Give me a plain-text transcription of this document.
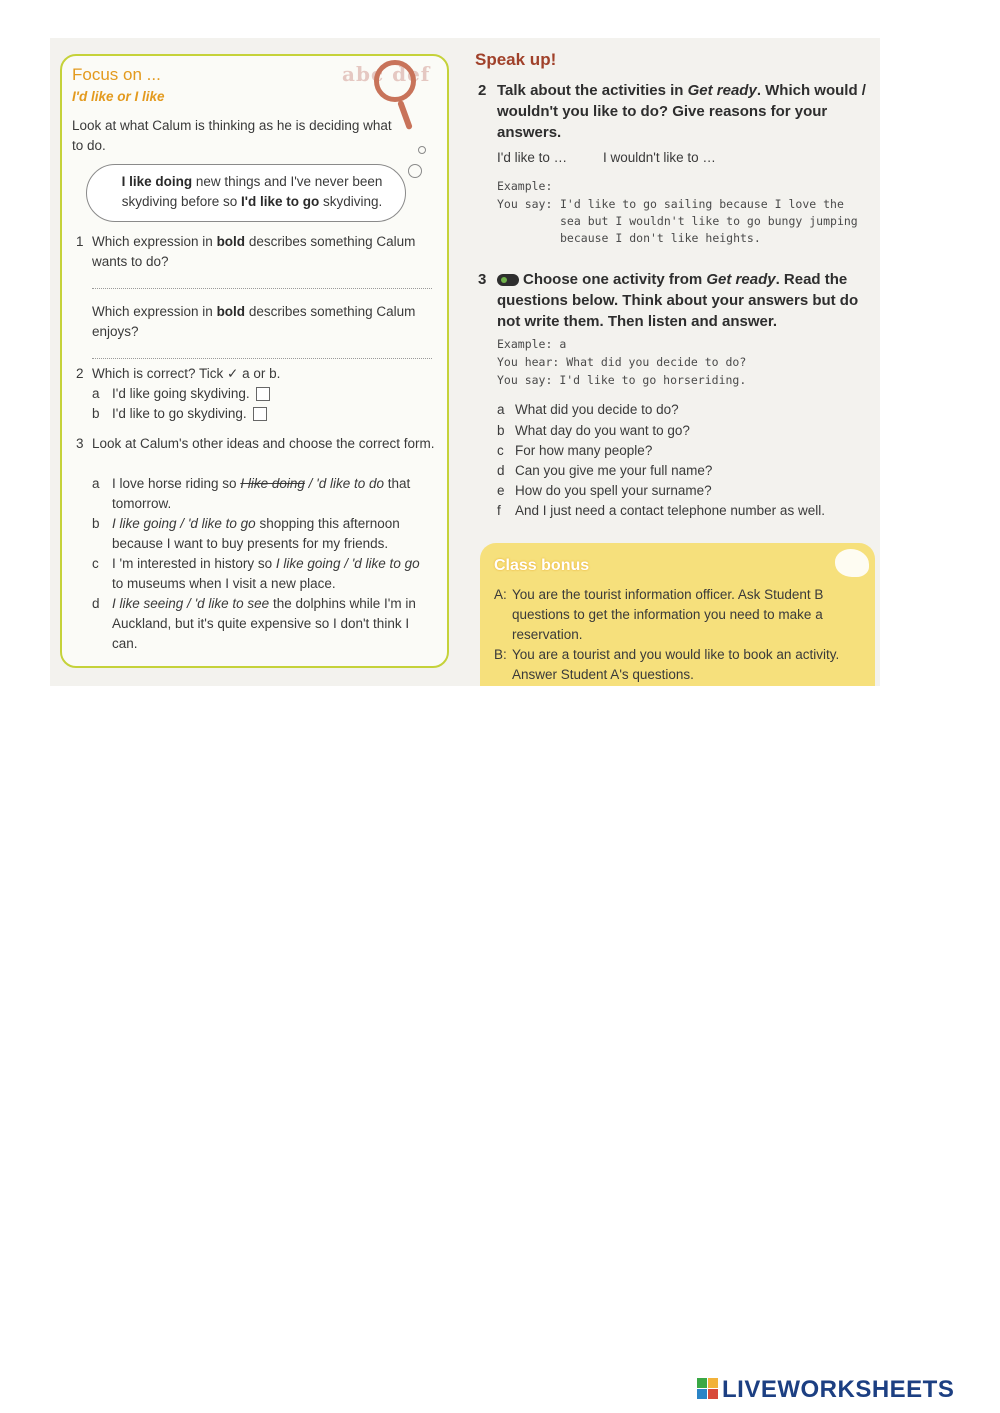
Focus on ...
I'd like or I like
abc def
Look at what Calum is thinking as he is deciding what to do.
I like doing new things and I've never been skydiving before so I'd like to go skydiving.
1 Which expression in bold describes something Calum wants to do?
Which expression in bold describes something Calum enjoys?
2 Which is correct? Tick ✓ a or b.
a I'd like going skydiving.
b I'd like to go skydiving.
3 Look at Calum's other ideas and choose the correct form.
a I love horse riding so I like doing / 'd like to do that tomorrow.
b I like going / 'd like to go shopping this afternoon because I want to buy presents for my friends.
c I 'm interested in history so I like going / 'd like to go to museums when I visit a new place.
d I like seeing / 'd like to see the dolphins while I'm in Auckland, but it's quite expensive so I don't think I can.
Speak up!
2 Talk about the activities in Get ready. Which would / wouldn't you like to do? Give reasons for your answers.
I'd like to …	I wouldn't like to …
Example:
You say: I'd like to go sailing because I love the sea but I wouldn't like to go bungy jumping because I don't like heights.
3	Choose one activity from Get ready. Read the questions below. Think about your answers but do not write them. Then listen and answer.
Example: a
You hear: What did you decide to do?
You say: I'd like to go horseriding.
a What did you decide to do?
b What day do you want to go?
c For how many people?
d Can you give me your full name?
e How do you spell your surname?
f And I just need a contact telephone number as well.
Class bonus
A: You are the tourist information officer. Ask Student B questions to get the information you need to make a reservation.
B: You are a tourist and you would like to book an activity. Answer Student A's questions.
LIVEWORKSHEETS
